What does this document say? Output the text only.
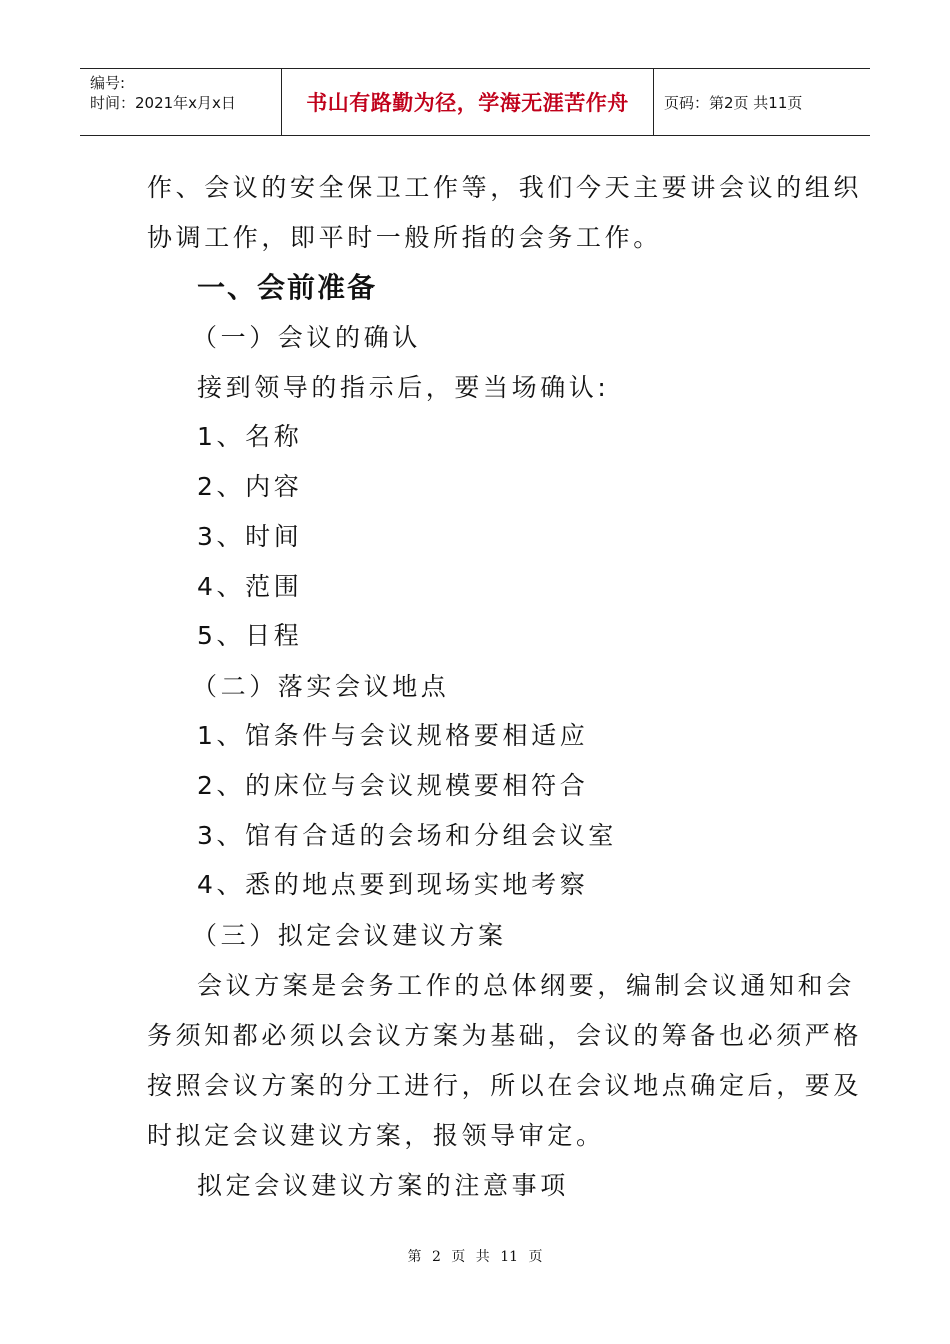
编号:
时间：2021年x月x日	书山有路勤为径，学海无涯苦作舟	页码：第2页 共11页
作、会议的安全保卫工作等，我们今天主要讲会议的组织
协调工作，即平时一般所指的会务工作。
一、会前准备
（一）会议的确认
接到领导的指示后，要当场确认:
1、名称
2、内容
3、时间
4、范围
5、日程
（二）落实会议地点
1、馆条件与会议规格要相适应
2、的床位与会议规模要相符合
3、馆有合适的会场和分组会议室
4、悉的地点要到现场实地考察
（三）拟定会议建议方案
会议方案是会务工作的总体纲要，编制会议通知和会
务须知都必须以会议方案为基础，会议的筹备也必须严格
按照会议方案的分工进行，所以在会议地点确定后，要及
时拟定会议建议方案，报领导审定。
拟定会议建议方案的注意事项
第 2 页 共 11 页
